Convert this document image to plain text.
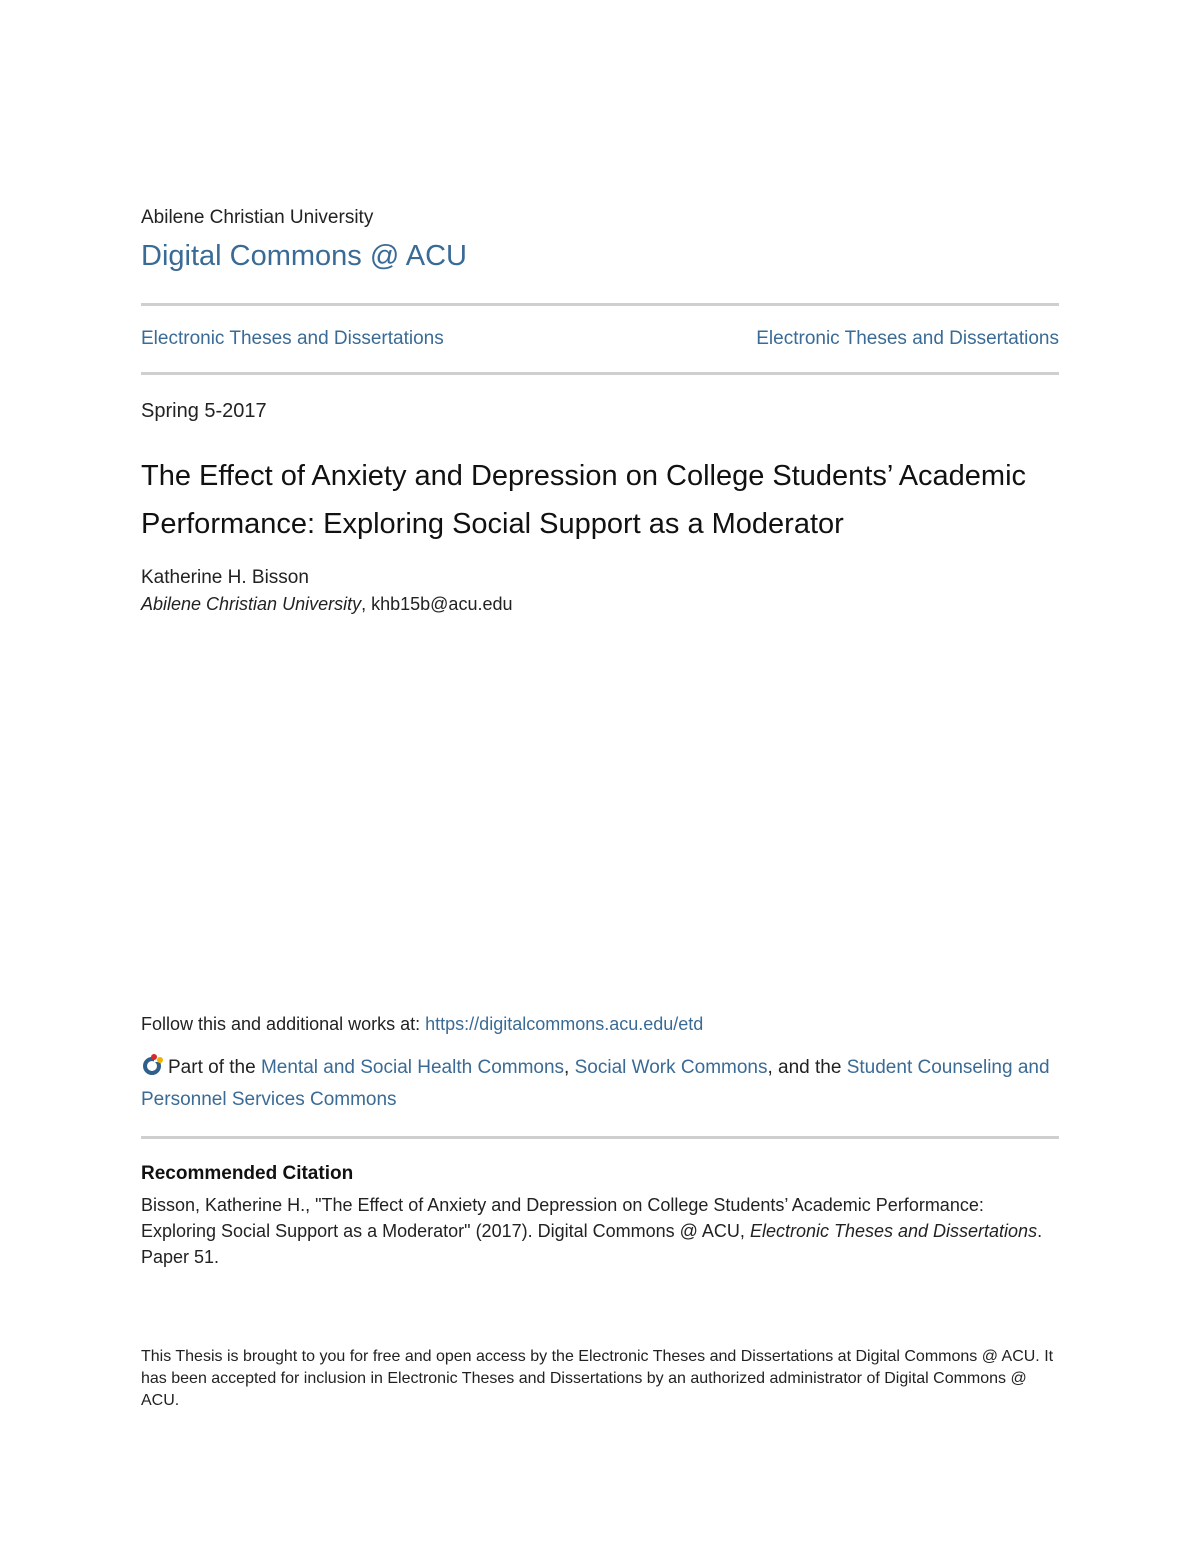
Abilene Christian University
Digital Commons @ ACU
Electronic Theses and Dissertations	Electronic Theses and Dissertations
Spring 5-2017
The Effect of Anxiety and Depression on College Students’ Academic Performance: Exploring Social Support as a Moderator
Katherine H. Bisson
Abilene Christian University, khb15b@acu.edu
Follow this and additional works at: https://digitalcommons.acu.edu/etd
Part of the Mental and Social Health Commons, Social Work Commons, and the Student Counseling and Personnel Services Commons
Recommended Citation
Bisson, Katherine H., "The Effect of Anxiety and Depression on College Students’ Academic Performance: Exploring Social Support as a Moderator" (2017). Digital Commons @ ACU, Electronic Theses and Dissertations. Paper 51.
This Thesis is brought to you for free and open access by the Electronic Theses and Dissertations at Digital Commons @ ACU. It has been accepted for inclusion in Electronic Theses and Dissertations by an authorized administrator of Digital Commons @ ACU.
